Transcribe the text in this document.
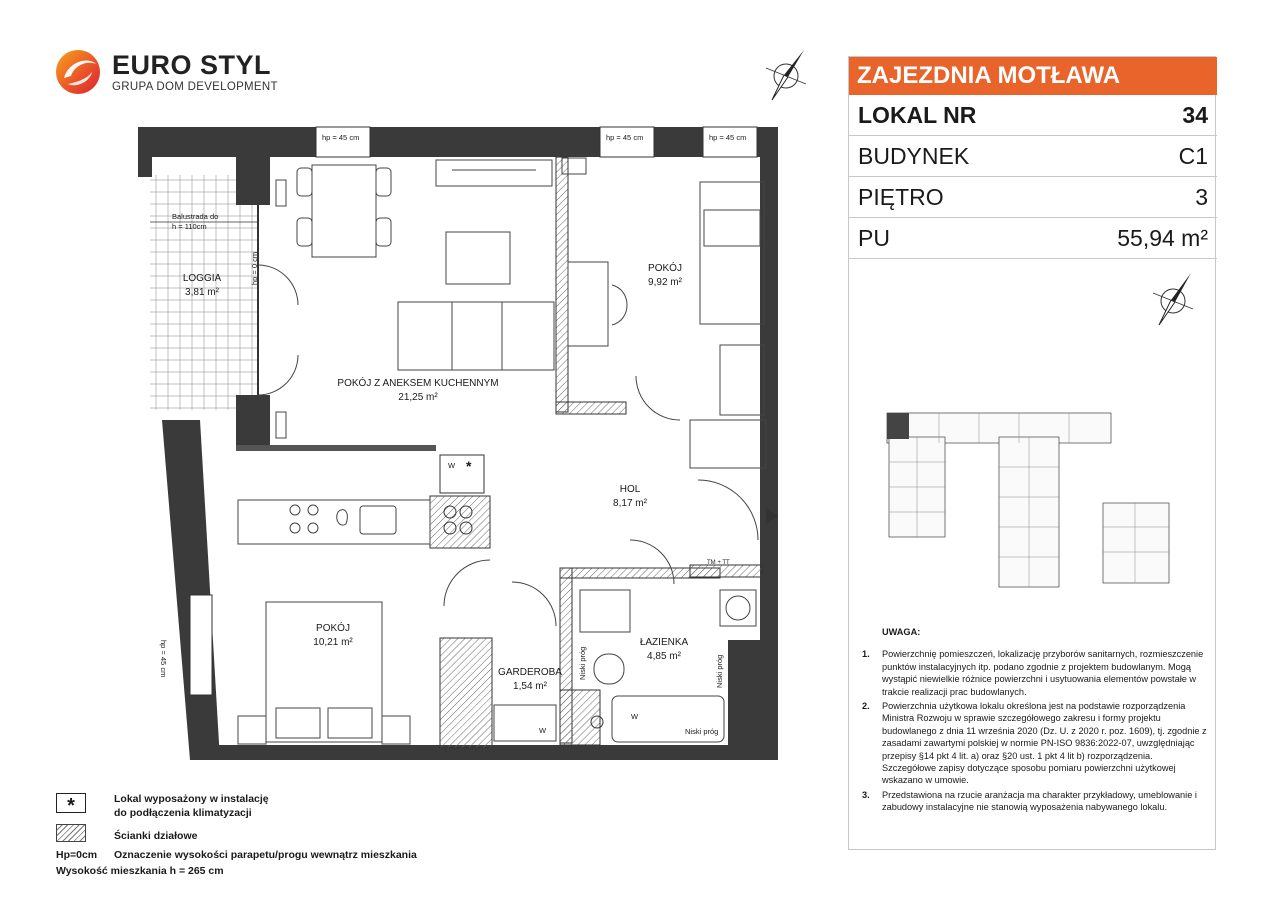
EURO STYL
GRUPA DOM DEVELOPMENT	ZAJEZDNIA MOTŁAWA
LOKAL NR	34
BUDYNEK	C1
PIĘTRO	3
PU	55,94 m²
UWAGA:
1. Powierzchnię pomieszczeń, lokalizację przyborów sanitarnych, rozmieszczenie punktów instalacyjnych itp. podano zgodnie z projektem budowlanym. Mogą wystąpić niewielkie różnice powierzchni i usytuowania elementów powstałe w trakcie realizacji prac budowlanych.
2. Powierzchnia użytkowa lokalu określona jest na podstawie rozporządzenia Ministra Rozwoju w sprawie szczegółowego zakresu i formy projektu budowlanego z dnia 11 września 2020 (Dz. U. z 2020 r. poz. 1609), tj. zgodnie z zasadami zawartymi polskiej w normie PN-ISO 9836:2022-07, uwzględniając przepisy §14 pkt 4 lit. a) oraz §20 ust. 1 pkt 4 lit b) rozporządzenia. Szczegółowe zapisy dotyczące sposobu pomiaru powierzchni użytkowej wskazano w umowie.
3. Przedstawiona na rzucie aranżacja ma charakter przykładowy, umeblowanie i zabudowy instalacyjne nie stanowią wyposażenia nabywanego lokalu.
LOGGIA
3,81 m²
POKÓJ Z ANEKSEM KUCHENNYM
21,25 m²
POKÓJ
9,92 m²
HOL
8,17 m²
POKÓJ
10,21 m²
GARDEROBA
1,54 m²
ŁAZIENKA
4,85 m²
hp = 45 cm	hp = 45 cm	hp = 45 cm
hp = 45 cm
hp = 0 cm
Balustrada do
h = 110cm
TM + TT
Niski próg
Niski próg	Niski próg
W
W
W *
*	Lokal wyposażony w instalację
do podłączenia klimatyzacji
Ścianki działowe
Hp=0cm Oznaczenie wysokości parapetu/progu wewnątrz mieszkania
Wysokość mieszkania h = 265 cm
